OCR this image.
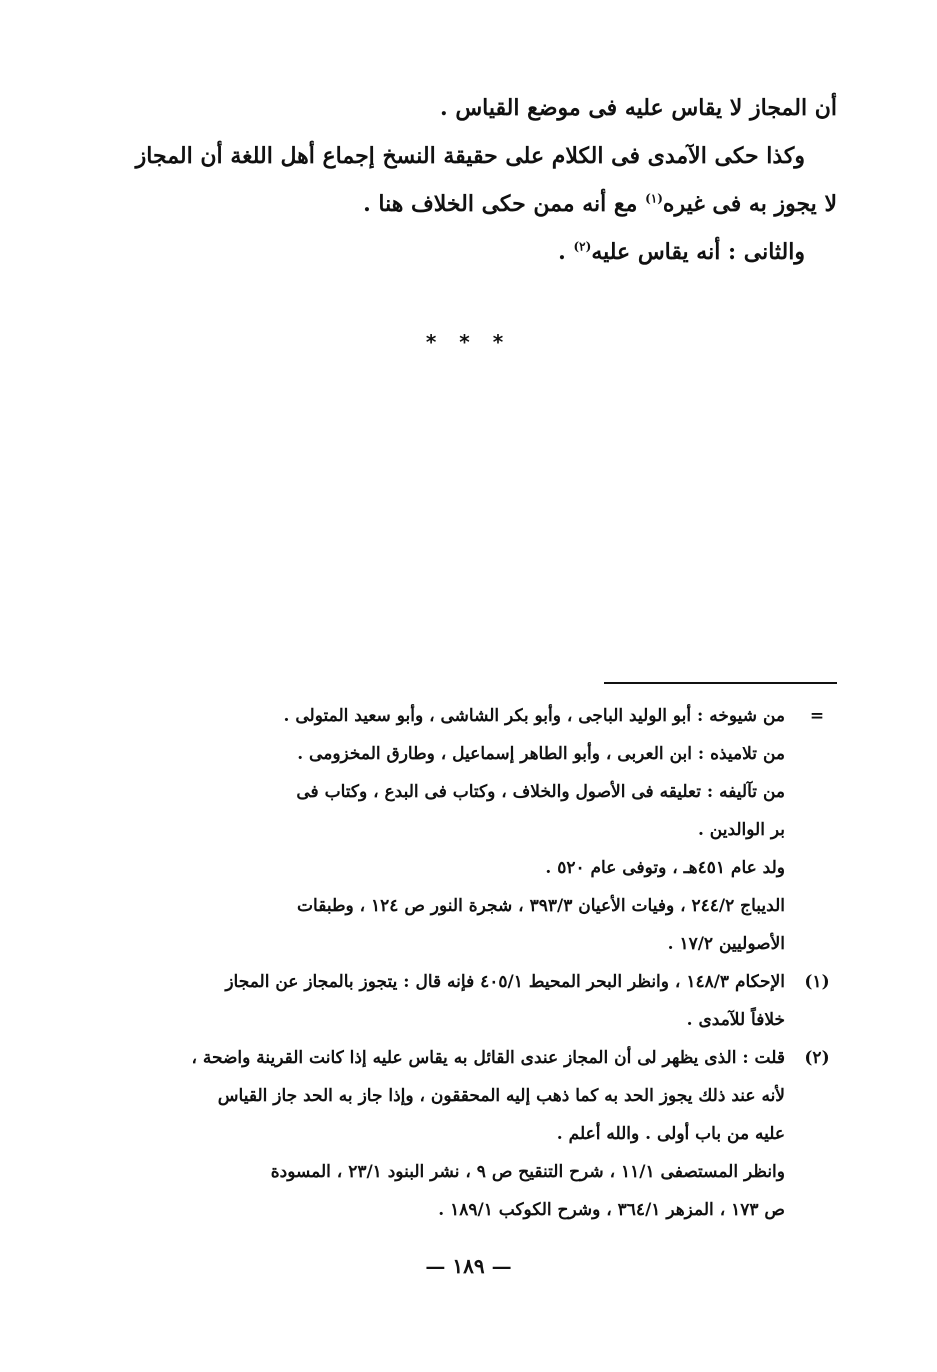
أن المجاز لا يقاس عليه فى موضع القياس .
وكذا حكى الآمدى فى الكلام على حقيقة النسخ إجماع أهل اللغة أن المجاز
لا يجوز به فى غيره$^{(١)}$ مع أنه ممن حكى الخلاف هنا .
والثانى : أنه يقاس عليه$^{(٢)}$ .
* * *
=
من شيوخه : أبو الوليد الباجى ، وأبو بكر الشاشى ، وأبو سعيد المتولى .
من تلاميذه : ابن العربى ، وأبو الطاهر إسماعيل ، وطارق المخزومى .
من تآليفه : تعليقه فى الأصول والخلاف ، وكتاب فى البدع ، وكتاب فى
بر الوالدين .
ولد عام ٤٥١هـ ، وتوفى عام ٥٢٠ .
الديباج ٢٤٤/٢ ، وفيات الأعيان ٣٩٣/٣ ، شجرة النور ص ١٢٤ ، وطبقات
الأصوليين ١٧/٢ .
(١)
الإحكام ١٤٨/٣ ، وانظر البحر المحيط ٤٠٥/١ فإنه قال : يتجوز بالمجاز عن المجاز
خلافاً للآمدى .
(٢)
قلت : الذى يظهر لى أن المجاز عندى القائل به يقاس عليه إذا كانت القرينة واضحة ،
لأنه عند ذلك يجوز الحد به كما ذهب إليه المحققون ، وإذا جاز به الحد جاز القياس
عليه من باب أولى . والله أعلم .
وانظر المستصفى ١١/١ ، شرح التنقيح ص ٩ ، نشر البنود ٢٣/١ ، المسودة
ص ١٧٣ ، المزهر ٣٦٤/١ ، وشرح الكوكب ١٨٩/١ .
— ١٨٩ —
